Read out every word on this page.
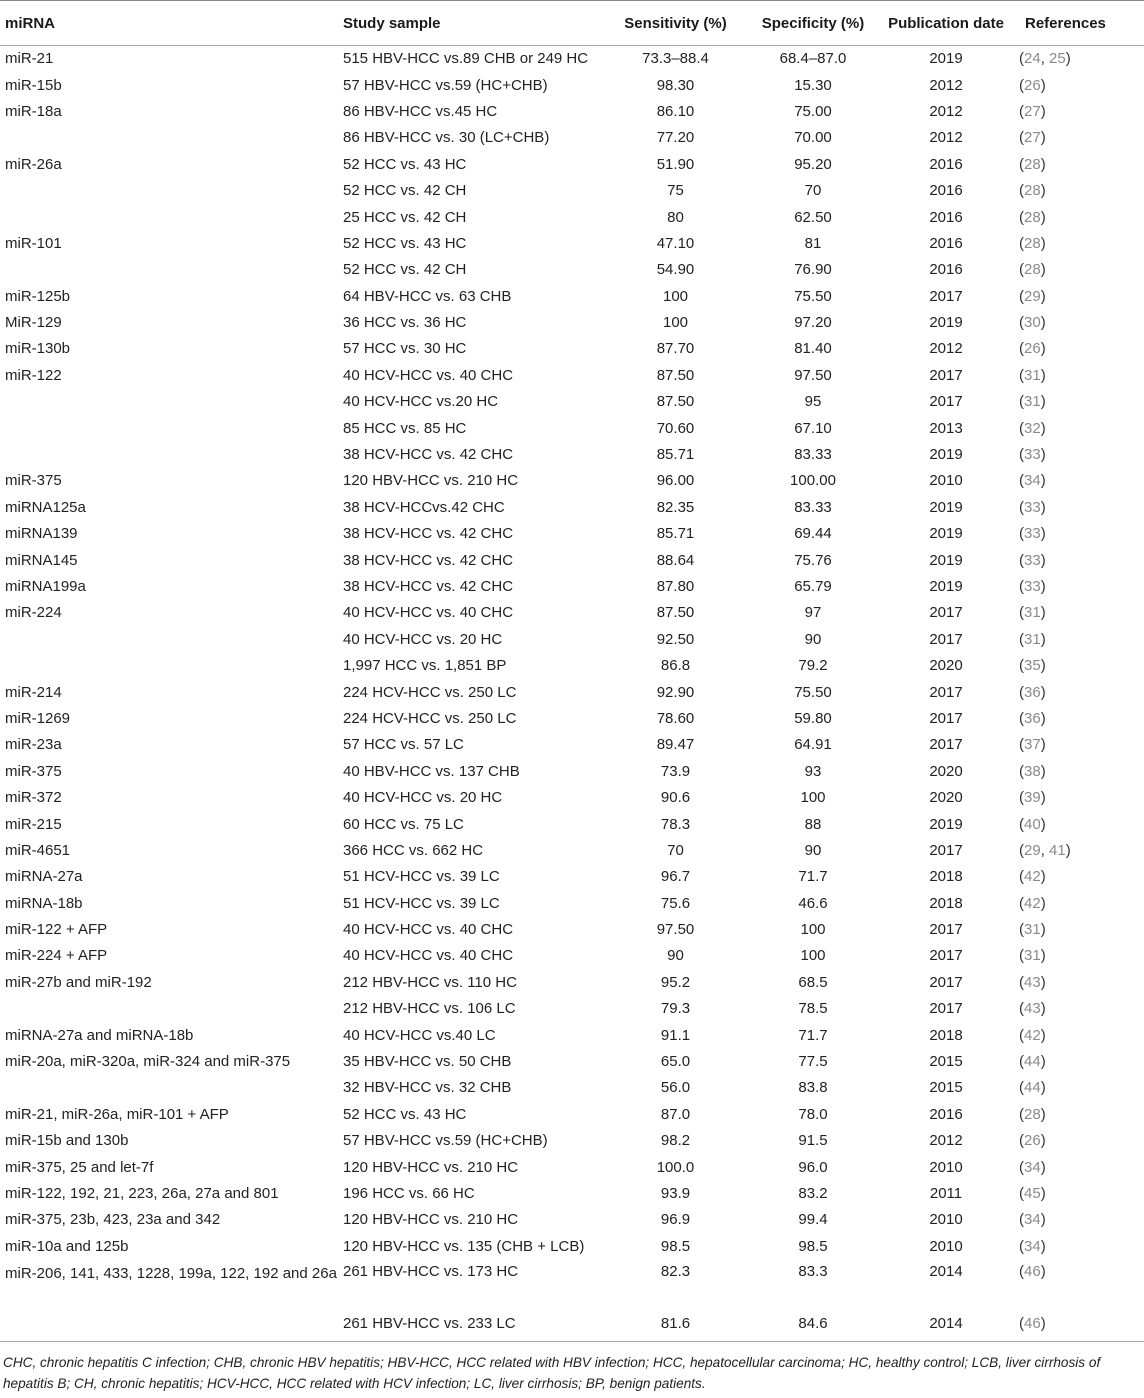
miRNA	Study sample	Sensitivity (%)	Specificity (%)	Publication date	References
miR-21	515 HBV-HCC vs.89 CHB or 249 HC	73.3–88.4	68.4–87.0	2019	(24, 25)
miR-15b	57 HBV-HCC vs.59 (HC+CHB)	98.30	15.30	2012	(26)
miR-18a	86 HBV-HCC vs.45 HC	86.10	75.00	2012	(27)
	86 HBV-HCC vs. 30 (LC+CHB)	77.20	70.00	2012	(27)
miR-26a	52 HCC vs. 43 HC	51.90	95.20	2016	(28)
	52 HCC vs. 42 CH	75	70	2016	(28)
	25 HCC vs. 42 CH	80	62.50	2016	(28)
miR-101	52 HCC vs. 43 HC	47.10	81	2016	(28)
	52 HCC vs. 42 CH	54.90	76.90	2016	(28)
miR-125b	64 HBV-HCC vs. 63 CHB	100	75.50	2017	(29)
MiR-129	36 HCC vs. 36 HC	100	97.20	2019	(30)
miR-130b	57 HCC vs. 30 HC	87.70	81.40	2012	(26)
miR-122	40 HCV-HCC vs. 40 CHC	87.50	97.50	2017	(31)
	40 HCV-HCC vs.20 HC	87.50	95	2017	(31)
	85 HCC vs. 85 HC	70.60	67.10	2013	(32)
	38 HCV-HCC vs. 42 CHC	85.71	83.33	2019	(33)
miR-375	120 HBV-HCC vs. 210 HC	96.00	100.00	2010	(34)
miRNA125a	38 HCV-HCCvs.42 CHC	82.35	83.33	2019	(33)
miRNA139	38 HCV-HCC vs. 42 CHC	85.71	69.44	2019	(33)
miRNA145	38 HCV-HCC vs. 42 CHC	88.64	75.76	2019	(33)
miRNA199a	38 HCV-HCC vs. 42 CHC	87.80	65.79	2019	(33)
miR-224	40 HCV-HCC vs. 40 CHC	87.50	97	2017	(31)
	40 HCV-HCC vs. 20 HC	92.50	90	2017	(31)
	1,997 HCC vs. 1,851 BP	86.8	79.2	2020	(35)
miR-214	224 HCV-HCC vs. 250 LC	92.90	75.50	2017	(36)
miR-1269	224 HCV-HCC vs. 250 LC	78.60	59.80	2017	(36)
miR-23a	57 HCC vs. 57 LC	89.47	64.91	2017	(37)
miR-375	40 HBV-HCC vs. 137 CHB	73.9	93	2020	(38)
miR-372	40 HCV-HCC vs. 20 HC	90.6	100	2020	(39)
miR-215	60 HCC vs. 75 LC	78.3	88	2019	(40)
miR-4651	366 HCC vs. 662 HC	70	90	2017	(29, 41)
miRNA-27a	51 HCV-HCC vs. 39 LC	96.7	71.7	2018	(42)
miRNA-18b	51 HCV-HCC vs. 39 LC	75.6	46.6	2018	(42)
miR-122 + AFP	40 HCV-HCC vs. 40 CHC	97.50	100	2017	(31)
miR-224 + AFP	40 HCV-HCC vs. 40 CHC	90	100	2017	(31)
miR-27b and miR-192	212 HBV-HCC vs. 110 HC	95.2	68.5	2017	(43)
	212 HBV-HCC vs. 106 LC	79.3	78.5	2017	(43)
miRNA-27a and miRNA-18b	40 HCV-HCC vs.40 LC	91.1	71.7	2018	(42)
miR-20a, miR-320a, miR-324 and miR-375	35 HBV-HCC vs. 50 CHB	65.0	77.5	2015	(44)
	32 HBV-HCC vs. 32 CHB	56.0	83.8	2015	(44)
miR-21, miR-26a, miR-101 + AFP	52 HCC vs. 43 HC	87.0	78.0	2016	(28)
miR-15b and 130b	57 HBV-HCC vs.59 (HC+CHB)	98.2	91.5	2012	(26)
miR-375, 25 and let-7f	120 HBV-HCC vs. 210 HC	100.0	96.0	2010	(34)
miR-122, 192, 21, 223, 26a, 27a and 801	196 HCC vs. 66 HC	93.9	83.2	2011	(45)
miR-375, 23b, 423, 23a and 342	120 HBV-HCC vs. 210 HC	96.9	99.4	2010	(34)
miR-10a and 125b	120 HBV-HCC vs. 135 (CHB + LCB)	98.5	98.5	2010	(34)
miR-206, 141, 433, 1228, 199a, 122, 192 and 26a	261 HBV-HCC vs. 173 HC	82.3	83.3	2014	(46)
	261 HBV-HCC vs. 233 LC	81.6	84.6	2014	(46)
CHC, chronic hepatitis C infection; CHB, chronic HBV hepatitis; HBV-HCC, HCC related with HBV infection; HCC, hepatocellular carcinoma; HC, healthy control; LCB, liver cirrhosis of hepatitis B; CH, chronic hepatitis; HCV-HCC, HCC related with HCV infection; LC, liver cirrhosis; BP, benign patients.
